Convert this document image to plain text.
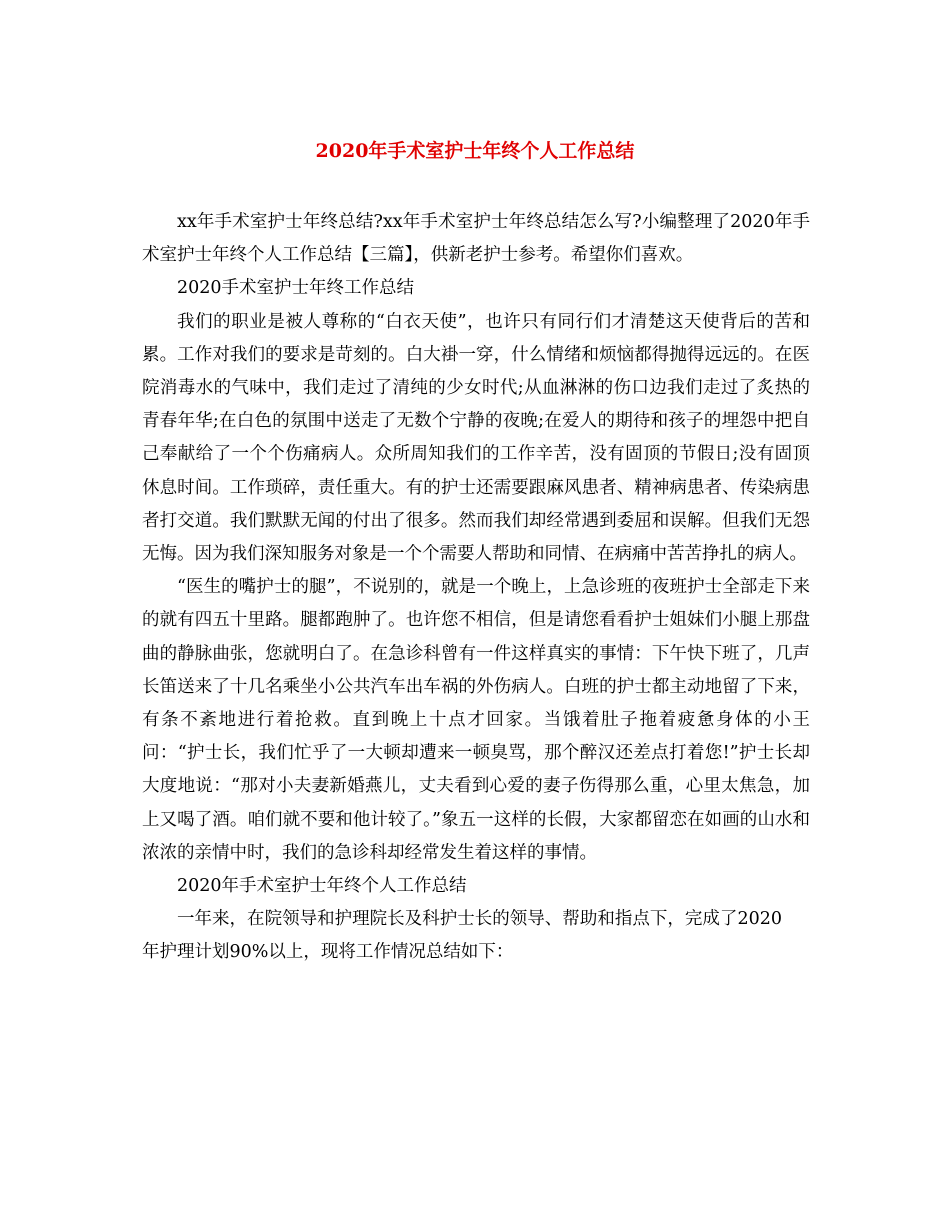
2020年手术室护士年终个人工作总结

xx年手术室护士年终总结?xx年手术室护士年终总结怎么写?小编整理了2020年手术室护士年终个人工作总结【三篇】，供新老护士参考。希望你们喜欢。

2020手术室护士年终工作总结

我们的职业是被人尊称的“白衣天使”，也许只有同行们才清楚这天使背后的苦和累。工作对我们的要求是苛刻的。白大褂一穿，什么情绪和烦恼都得抛得远远的。在医院消毒水的气味中，我们走过了清纯的少女时代;从血淋淋的伤口边我们走过了炙热的青春年华;在白色的氛围中送走了无数个宁静的夜晚;在爱人的期待和孩子的埋怨中把自己奉献给了一个个伤痛病人。众所周知我们的工作辛苦，没有固顶的节假日;没有固顶休息时间。工作琐碎，责任重大。有的护士还需要跟麻风患者、精神病患者、传染病患者打交道。我们默默无闻的付出了很多。然而我们却经常遇到委屈和误解。但我们无怨无悔。因为我们深知服务对象是一个个需要人帮助和同情、在病痛中苦苦挣扎的病人。

“医生的嘴护士的腿”，不说别的，就是一个晚上，上急诊班的夜班护士全部走下来的就有四五十里路。腿都跑肿了。也许您不相信，但是请您看看护士姐妹们小腿上那盘曲的静脉曲张，您就明白了。在急诊科曾有一件这样真实的事情：下午快下班了，几声长笛送来了十几名乘坐小公共汽车出车祸的外伤病人。白班的护士都主动地留了下来，有条不紊地进行着抢救。直到晚上十点才回家。当饿着肚子拖着疲惫身体的小王问：“护士长，我们忙乎了一大顿却遭来一顿臭骂，那个醉汉还差点打着您!”护士长却大度地说：“那对小夫妻新婚燕儿，丈夫看到心爱的妻子伤得那么重，心里太焦急，加上又喝了酒。咱们就不要和他计较了。”象五一这样的长假，大家都留恋在如画的山水和浓浓的亲情中时，我们的急诊科却经常发生着这样的事情。

2020年手术室护士年终个人工作总结

一年来，在院领导和护理院长及科护士长的领导、帮助和指点下，完成了2020年护理计划90%以上，现将工作情况总结如下：
